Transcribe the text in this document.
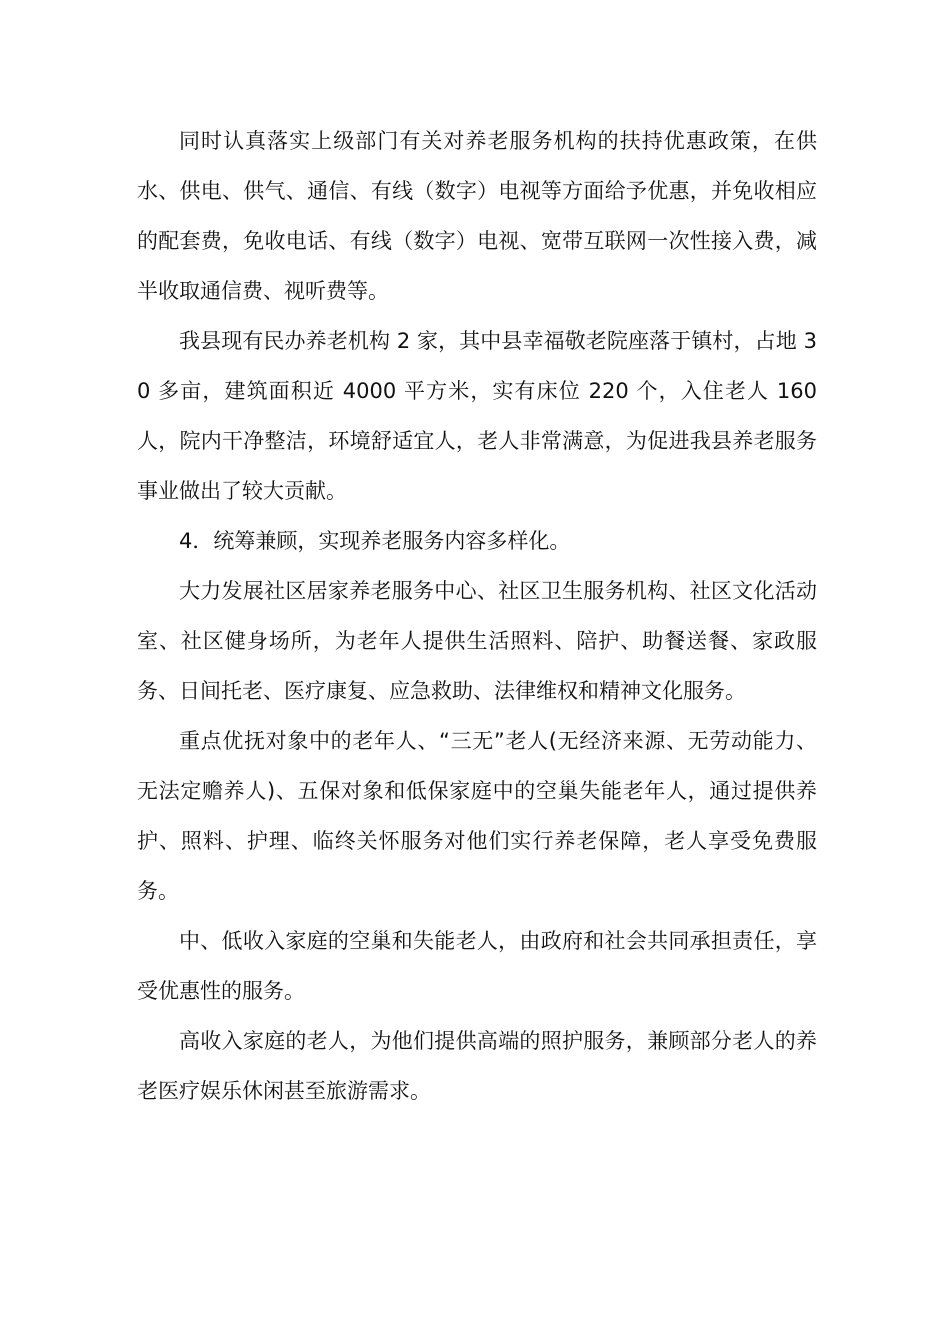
同时认真落实上级部门有关对养老服务机构的扶持优惠政策，在供水、供电、供气、通信、有线（数字）电视等方面给予优惠，并免收相应的配套费，免收电话、有线（数字）电视、宽带互联网一次性接入费，减半收取通信费、视听费等。

我县现有民办养老机构 2 家，其中县幸福敬老院座落于镇村，占地 30 多亩，建筑面积近 4000 平方米，实有床位 220 个，入住老人 160 人，院内干净整洁，环境舒适宜人，老人非常满意，为促进我县养老服务事业做出了较大贡献。

4．统筹兼顾，实现养老服务内容多样化。

大力发展社区居家养老服务中心、社区卫生服务机构、社区文化活动室、社区健身场所，为老年人提供生活照料、陪护、助餐送餐、家政服务、日间托老、医疗康复、应急救助、法律维权和精神文化服务。

重点优抚对象中的老年人、“三无”老人(无经济来源、无劳动能力、无法定赡养人)、五保对象和低保家庭中的空巢失能老年人，通过提供养护、照料、护理、临终关怀服务对他们实行养老保障，老人享受免费服务。

中、低收入家庭的空巢和失能老人，由政府和社会共同承担责任，享受优惠性的服务。

高收入家庭的老人，为他们提供高端的照护服务，兼顾部分老人的养老医疗娱乐休闲甚至旅游需求。
